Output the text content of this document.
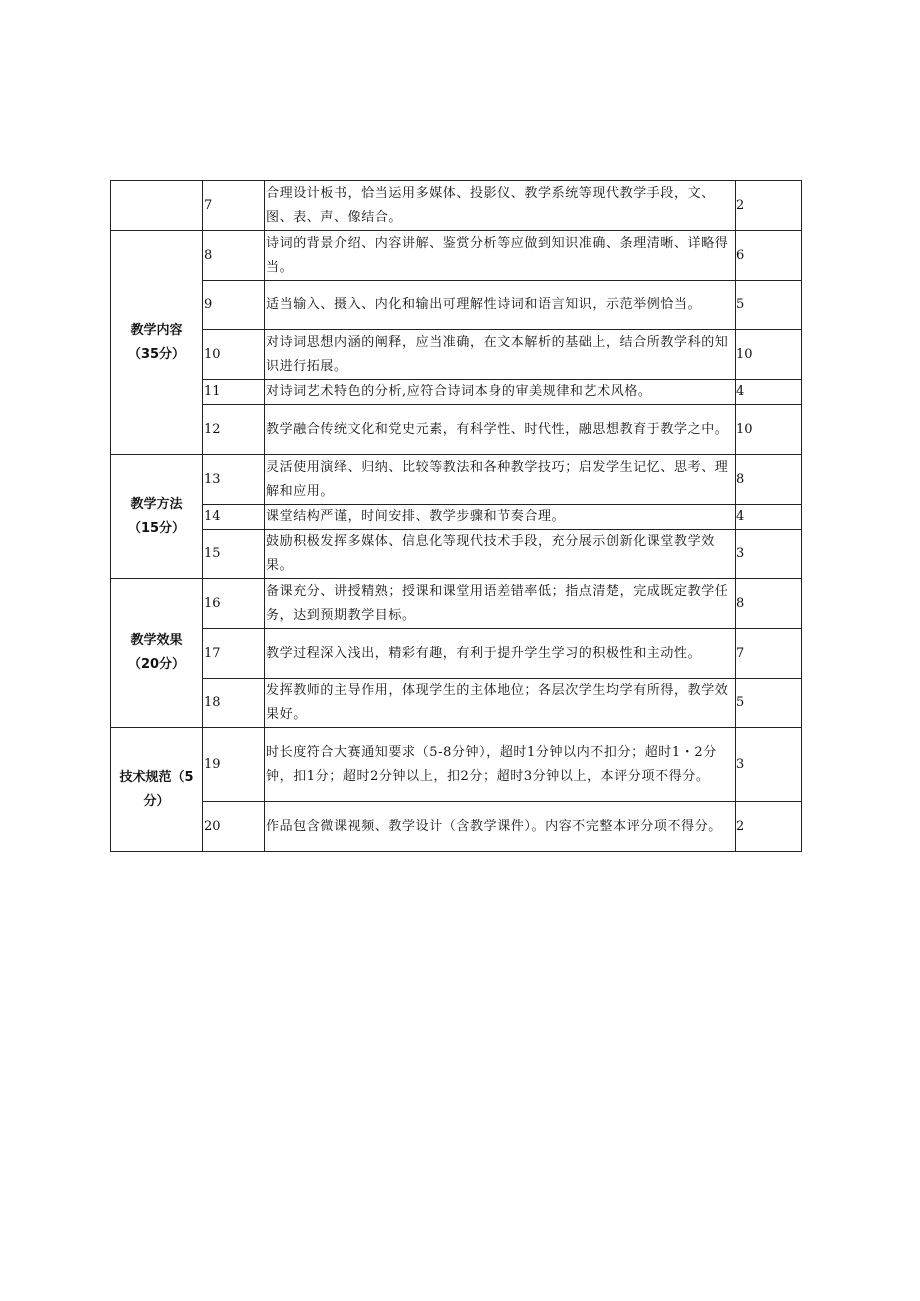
	7	合理设计板书，恰当运用多媒体、投影仪、教学系统等现代教学手段，文、图、表、声、像结合。	2
教学内容（35分）	8	诗词的背景介绍、内容讲解、鉴赏分析等应做到知识准确、条理清晰、详略得当。	6
	9	适当输入、摄入、内化和输出可理解性诗词和语言知识，示范举例恰当。	5
	10	对诗词思想内涵的阐释，应当准确，在文本解析的基础上，结合所教学科的知识进行拓展。	10
	11	对诗词艺术特色的分析,应符合诗词本身的审美规律和艺术风格。	4
	12	教学融合传统文化和党史元素，有科学性、时代性，融思想教育于教学之中。	10
教学方法（15分）	13	灵活使用演绎、归纳、比较等教法和各种教学技巧；启发学生记忆、思考、理解和应用。	8
	14	课堂结构严谨，时间安排、教学步骤和节奏合理。	4
	15	鼓励积极发挥多媒体、信息化等现代技术手段，充分展示创新化课堂教学效果。	3
教学效果（20分）	16	备课充分、讲授精熟；授课和课堂用语差错率低；指点清楚，完成既定教学任务，达到预期教学目标。	8
	17	教学过程深入浅出，精彩有趣，有利于提升学生学习的积极性和主动性。	7
	18	发挥教师的主导作用，体现学生的主体地位；各层次学生均学有所得，教学效果好。	5
技术规范（5分）	19	时长度符合大赛通知要求（5-8分钟），超时1分钟以内不扣分；超时1・2分钟，扣1分；超时2分钟以上，扣2分；超时3分钟以上，本评分项不得分。	3
	20	作品包含微课视频、教学设计（含教学课件）。内容不完整本评分项不得分。	2
